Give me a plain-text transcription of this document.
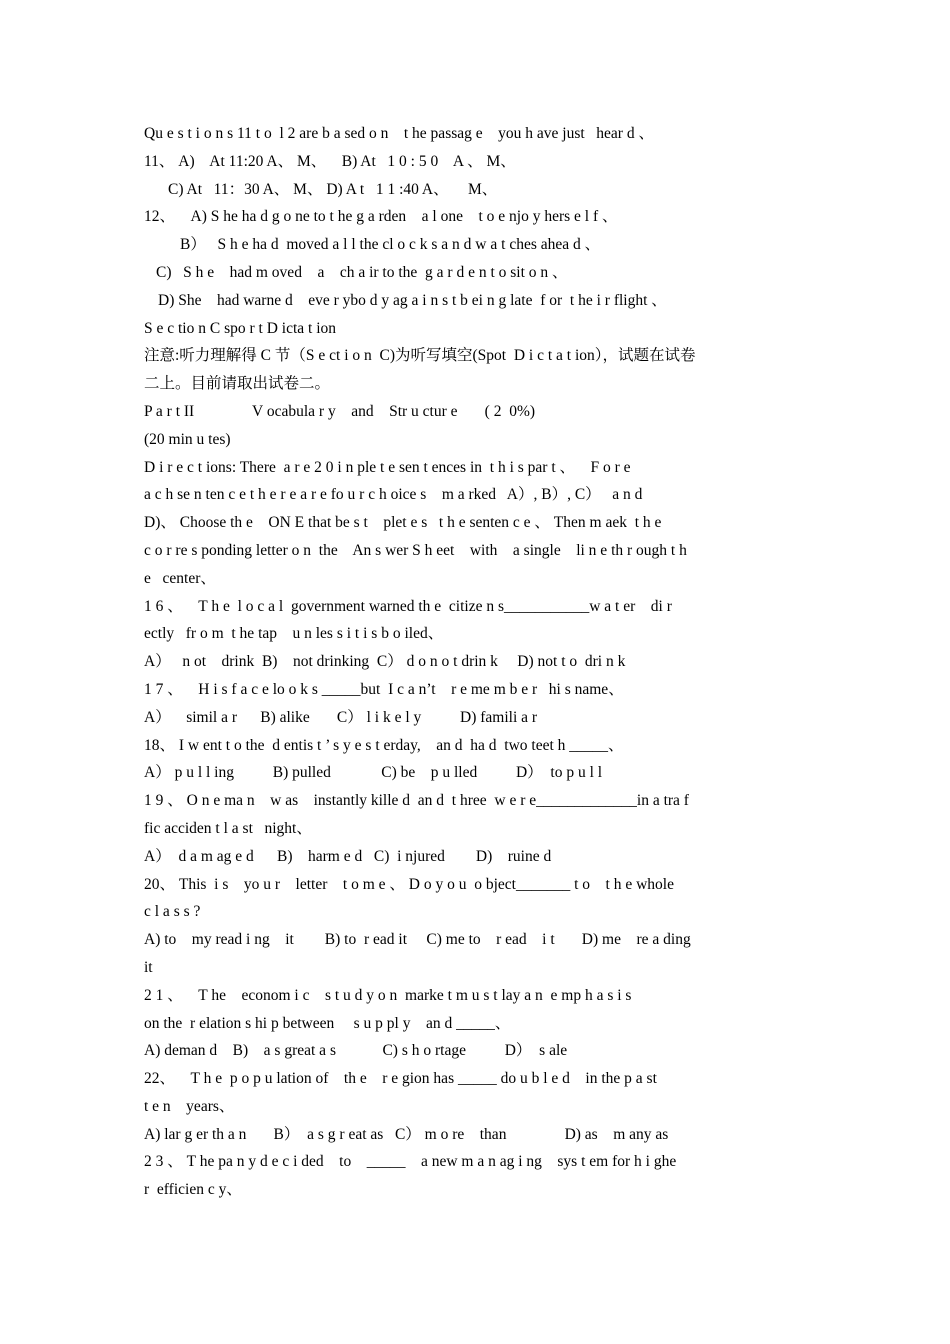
Qu e s t i o n s 11 t o  l 2 are b a sed o n    t he passag e    you h ave just   hear d 、
11、 A)    At 11:20 A、 M、    B) At   1 0 : 5 0    A 、 M、
C) At   11：30 A、 M、 D) A t   1 1 :40 A、     M、
12、    A) S he ha d g o ne to t he g a rden    a l one    t o e njo y hers e l f 、
B）   S h e ha d  moved a l l the cl o c k s a n d w a t ches ahea d 、
C)   S h e    had m oved    a    ch a ir to the  g a r d e n t o sit o n 、
D) She    had warne d    eve r ybo d y ag a i n s t b ei n g late  f or  t he i r flight 、
S e c tio n C spo r t D icta t ion
注意:听力理解得 C 节（S e ct i o n  C)为听写填空(Spot  D i c t a t ion），试题在试卷
二上。目前请取出试卷二。
P a r t II               V ocabula r y    and    Str u ctur e       ( 2  0%)
(20 min u tes)
D i r e c t ions: There  a r e 2 0 i n ple t e sen t ences in  t h i s par t 、    F o r e
a c h se n ten c e t h e r e a r e fo u r c h oice s    m a rked   A）, B）, C）   a n d
D)、 Choose th e    ON E that be s t    plet e s   t h e senten c e 、 Then m aek  t h e
c o r re s ponding letter o n  the    An s wer S h eet    with    a single    li n e th r ough t h
e   center、
1 6 、    T h e  l o c a l  government warned th e  citize n s___________w a t er    di r
ectly   fr o m  t he tap    u n les s i t i s b o iled、
A）   n ot    drink  B)    not drinking  C） d o n o t drin k     D) not t o  dri n k
1 7 、    H i s f a c e lo o k s _____but  I c a n’t    r e me m b e r   hi s name、
A）    simil a r      B) alike       C） l i k e l y          D) famili a r
18、 I w ent t o the  d entis t ’ s y e s t erday,    an d  ha d  two teet h _____、
A） p u l l ing          B) pulled             C) be    p u lled          D）  to p u l l
1 9 、 O n e ma n    w as    instantly kille d  an d  t hree  w e r e_____________in a tra f
fic acciden t l a st   night、
A）  d a m ag e d      B)    harm e d   C)  i njured        D)    ruine d
20、 This  i s    yo u r    letter    t o m e 、 D o y o u  o bject_______ t o    t h e whole
c l a s s ?
A) to    my read i ng    it        B) to  r ead it     C) me to    r ead    i t       D) me    re a ding
it
2 1 、    T he    econom i c    s t u d y o n  marke t m u s t lay a n  e mp h a s i s
on the  r elation s hi p between     s u p pl y    an d _____、
A) deman d    B)    a s great a s            C) s h o rtage          D）  s ale
22、    T h e  p o p u lation of    th e    r e gion has _____ do u b l e d    in the p a st
t e n    years、
A) lar g er th a n       B）  a s g r eat as   C） m o re    than               D) as    m any as
2 3 、 T he pa n y d e c i ded    to    _____    a new m a n ag i ng    sys t em for h i ghe
r  efficien c y、
